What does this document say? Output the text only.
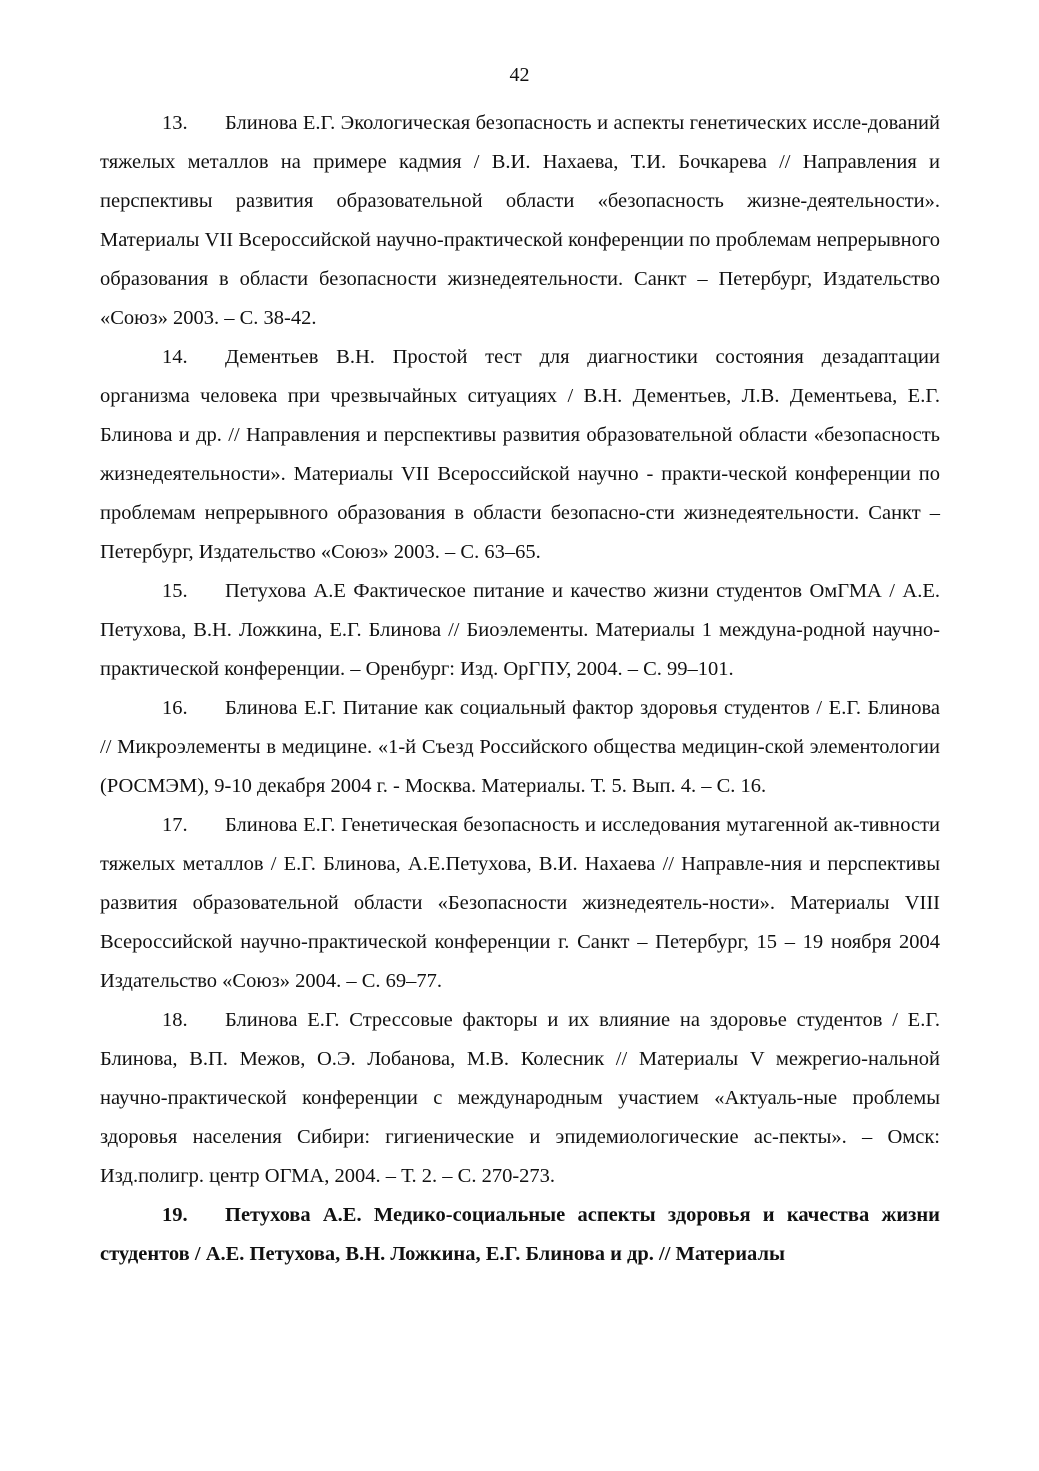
42

13. Блинова Е.Г. Экологическая безопасность и аспекты генетических иссле-дований тяжелых металлов на примере кадмия / В.И. Нахаева, Т.И. Бочкарева // Направления и перспективы развития образовательной области «безопасность жизне-деятельности». Материалы VII Всероссийской научно-практической конференции по проблемам непрерывного образования в области безопасности жизнедеятельности. Санкт – Петербург, Издательство «Союз» 2003. – С. 38-42.

14. Дементьев В.Н. Простой тест для диагностики состояния дезадаптации организма человека при чрезвычайных ситуациях / В.Н. Дементьев, Л.В. Дементьева, Е.Г. Блинова и др. // Направления и перспективы развития образовательной области «безопасность жизнедеятельности». Материалы VII Всероссийской научно - практи-ческой конференции по проблемам непрерывного образования в области безопасно-сти жизнедеятельности. Санкт – Петербург, Издательство «Союз» 2003. – С. 63–65.

15. Петухова А.Е Фактическое питание и качество жизни студентов ОмГМА / А.Е. Петухова, В.Н. Ложкина, Е.Г. Блинова // Биоэлементы. Материалы 1 междуна-родной научно-практической конференции. – Оренбург: Изд. ОрГПУ, 2004. – С. 99–101.

16. Блинова Е.Г. Питание как социальный фактор здоровья студентов / Е.Г. Блинова // Микроэлементы в медицине. «1-й Съезд Российского общества медицин-ской элементологии (РОСМЭМ), 9-10 декабря 2004 г. - Москва. Материалы. Т. 5. Вып. 4. – С. 16.

17. Блинова Е.Г. Генетическая безопасность и исследования мутагенной ак-тивности тяжелых металлов / Е.Г. Блинова, А.Е.Петухова, В.И. Нахаева // Направле-ния и перспективы развития образовательной области «Безопасности жизнедеятель-ности». Материалы VIII Всероссийской научно-практической конференции г. Санкт – Петербург, 15 – 19 ноября 2004 Издательство «Союз» 2004. – С. 69–77.

18. Блинова Е.Г. Стрессовые факторы и их влияние на здоровье студентов / Е.Г. Блинова, В.П. Межов, О.Э. Лобанова, М.В. Колесник // Материалы V межрегио-нальной научно-практической конференции с международным участием «Актуаль-ные проблемы здоровья населения Сибири: гигиенические и эпидемиологические ас-пекты». – Омск: Изд.полигр. центр ОГМА, 2004. – Т. 2. – С. 270-273.

19. Петухова А.Е. Медико-социальные аспекты здоровья и качества жизни студентов / А.Е. Петухова, В.Н. Ложкина, Е.Г. Блинова и др. // Материалы
